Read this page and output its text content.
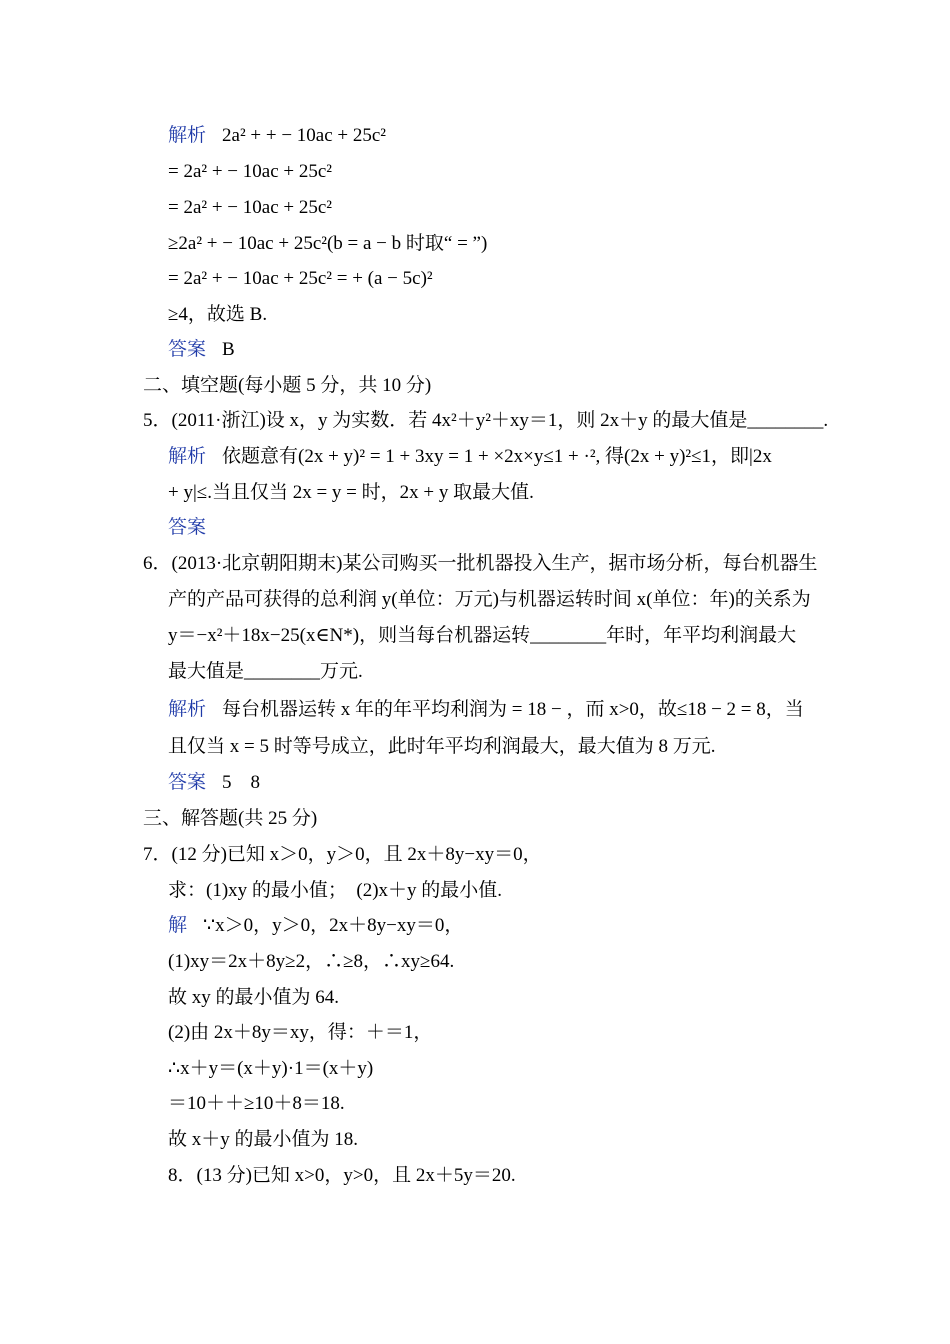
解析 2a² + + − 10ac + 25c²
= 2a² + − 10ac + 25c²
= 2a² + − 10ac + 25c²
≥2a² + − 10ac + 25c²(b = a − b 时取“ = ”)
= 2a² + − 10ac + 25c² = + (a − 5c)²
≥4，故选 B.
答案 B
二、填空题(每小题 5 分，共 10 分)
5．(2011·浙江)设 x，y 为实数．若 4x²＋y²＋xy＝1，则 2x＋y 的最大值是________.
解析 依题意有(2x + y)² = 1 + 3xy = 1 + ×2x×y≤1 + ·², 得(2x + y)²≤1，即|2x
+ y|≤.当且仅当 2x = y = 时，2x + y 取最大值.
答案
6．(2013·北京朝阳期末)某公司购买一批机器投入生产，据市场分析，每台机器生
产的产品可获得的总利润 y(单位：万元)与机器运转时间 x(单位：年)的关系为
y＝−x²＋18x−25(x∈N*)，则当每台机器运转________年时，年平均利润最大
最大值是________万元.
解析 每台机器运转 x 年的年平均利润为 = 18 − ，而 x>0，故≤18 − 2 = 8，当
且仅当 x = 5 时等号成立，此时年平均利润最大，最大值为 8 万元.
答案 5　8
三、解答题(共 25 分)
7．(12 分)已知 x＞0，y＞0，且 2x＋8y−xy＝0，
求：(1)xy 的最小值；　(2)x＋y 的最小值.
解 ∵x＞0，y＞0，2x＋8y−xy＝0，
(1)xy＝2x＋8y≥2，∴≥8，∴xy≥64.
故 xy 的最小值为 64.
(2)由 2x＋8y＝xy，得：＋＝1，
∴x＋y＝(x＋y)·1＝(x＋y)
＝10＋＋≥10＋8＝18.
故 x＋y 的最小值为 18.
8．(13 分)已知 x>0，y>0，且 2x＋5y＝20.
